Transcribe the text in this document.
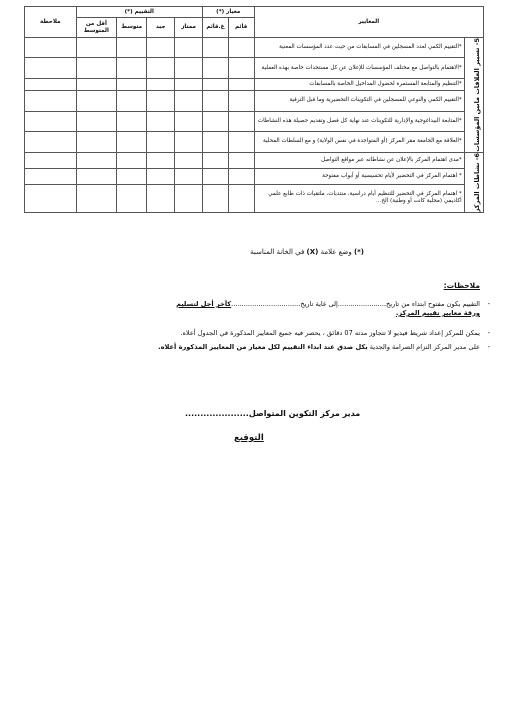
المعايير		معيار (*)		التقييم (*)				ملاحظة
		قائم	غ.قائم	ممتاز	جيد	متوسط	أقل من المتوسط	

5- تسيير العلاقات مابين المؤسسات	*التقييم الكمي لعدد المسجلين في المسابقات من حيث عدد المؤسسات المعنية							
	*الاهتمام بالتواصل مع مختلف المؤسسات للإعلان عن كل مستجدات خاصة بهذه العملية							
	*التنظيم والمتابعة المستمرة لحصول المداخيل الخاصة بالمسابقات							
	*التقييم الكمي والنوعي للمسجلين في التكوينات التحضيرية وما قبل الترقية							
	*المتابعة البيداغوجية والإدارية للتكوينات عند نهاية كل فصل وتقديم حصيلة هذه النشاطات							
	*العلاقة مع الجامعة مقر المركز (أو المتواجدة في نفس الولاية) و مع السلطات المحلية							

6- نشاطات المركز	*مدى اهتمام المركز بالإعلان عن نشاطاته عبر مواقع التواصل							
	* اهتمام المركز في التحضير لأيام تحسيسية أو أبواب مفتوحة							
	* اهتمام المركز في التحضير للتنظيم أيام دراسية، منتديات، ملتقيات ذات طابع علمي أكاديمي (محلية كانت أو وطنية) الخ...							
(*) وضع علامة (X) في الخانة المناسبة
ملاحظات:
-
التقييم يكون مفتوح ابتداء من تاريخ.......................إلى غاية تاريخ.................................كآخر أجل لتسليم
ورقة معايير تقييم المركز.
-
يمكن للمركز إعداد شريط فيديو لا تتجاوز مدته 07 دقائق ، يحصر فيه جميع المعايير المذكورة في الجدول أعلاه.
-
على مدير المركز التزام الصرامة والجدية بكل صدق عند ابداء التقييم لكل معيار من المعايير المذكورة أعلاه.
مدير مركز التكوين المتواصل.....................
التوقيع
